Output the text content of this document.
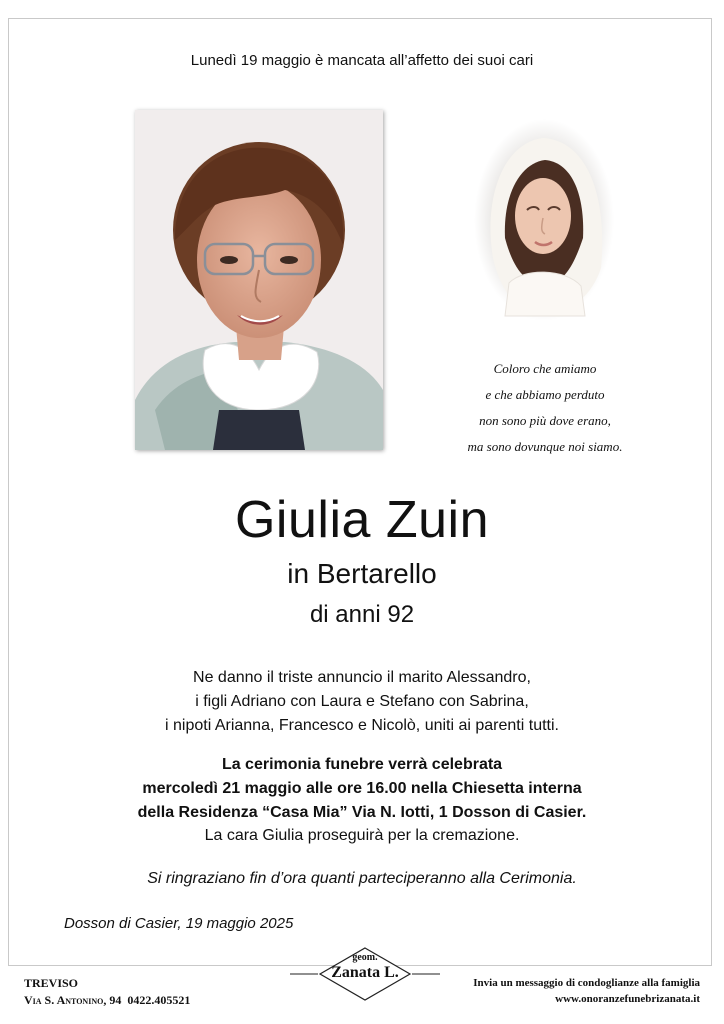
Lunedì 19 maggio è mancata all’affetto dei suoi cari
Coloro che amiamo
e che abbiamo perduto
non sono più dove erano,
ma sono dovunque noi siamo.
Giulia Zuin
in Bertarello
di anni 92
Ne danno il triste annuncio il marito Alessandro,
i figli Adriano con Laura e Stefano con Sabrina,
i nipoti Arianna, Francesco e Nicolò, uniti ai parenti tutti.
La cerimonia funebre verrà celebrata
mercoledì 21 maggio alle ore 16.00 nella Chiesetta interna
della Residenza “Casa Mia” Via N. Iotti, 1 Dosson di Casier.
La cara Giulia proseguirà per la cremazione.
Si ringraziano fin d’ora quanti parteciperanno alla Cerimonia.
Dosson di Casier, 19 maggio 2025
TREVISO
Via S. Antonino, 94 0422.405521
geom.
Zanata L.
Invia un messaggio di condoglianze alla famiglia
www.onoranzefunebrizanata.it
